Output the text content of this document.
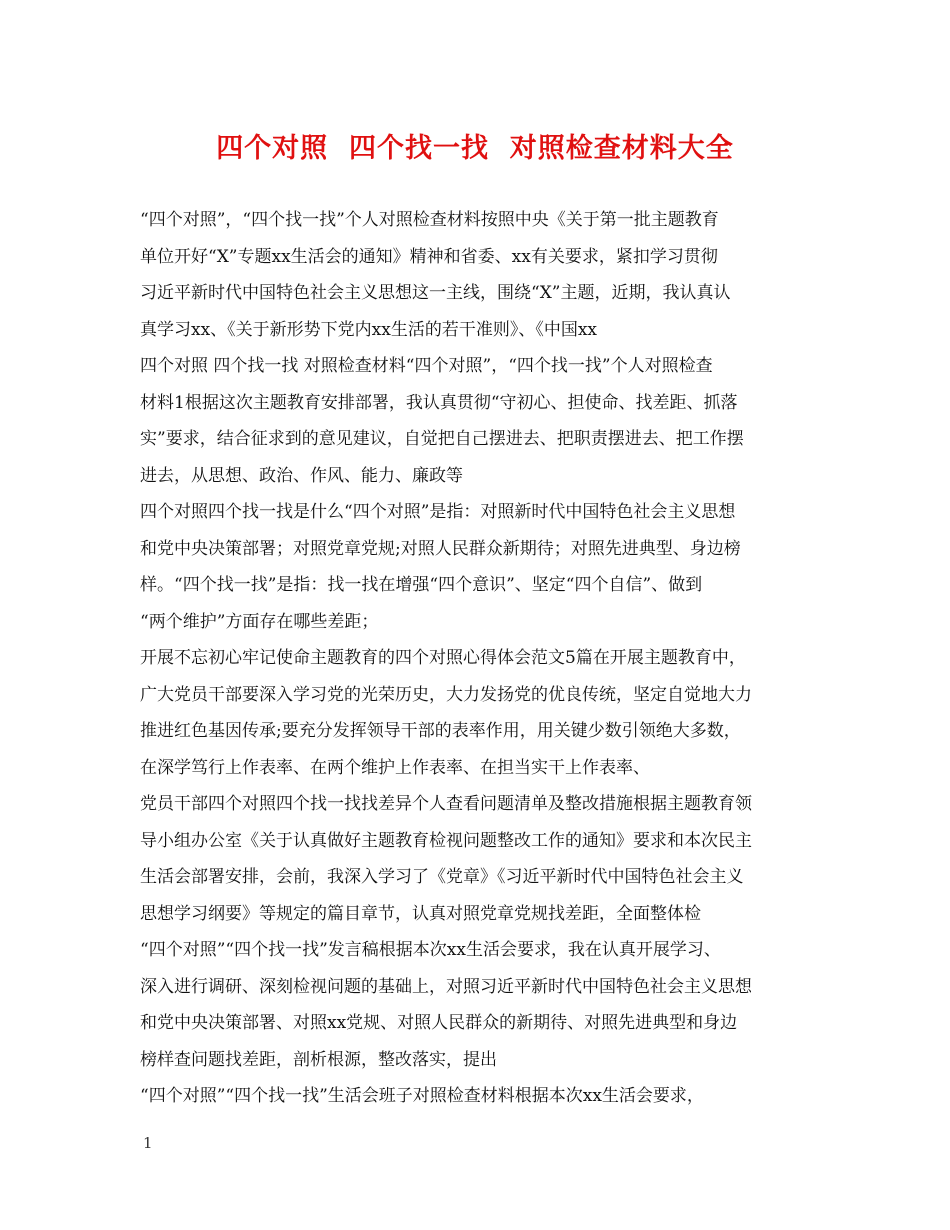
四个对照  四个找一找  对照检查材料大全
“四个对照”，“四个找一找”个人对照检查材料按照中央《关于第一批主题教育
单位开好“X”专题xx生活会的通知》精神和省委、xx有关要求，紧扣学习贯彻
习近平新时代中国特色社会主义思想这一主线，围绕“X”主题，近期，我认真认
真学习xx、《关于新形势下党内xx生活的若干准则》、《中国xx
四个对照 四个找一找 对照检查材料“四个对照”，“四个找一找”个人对照检查
材料1根据这次主题教育安排部署，我认真贯彻“守初心、担使命、找差距、抓落
实”要求，结合征求到的意见建议，自觉把自己摆进去、把职责摆进去、把工作摆
进去，从思想、政治、作风、能力、廉政等
四个对照四个找一找是什么“四个对照”是指：对照新时代中国特色社会主义思想
和党中央决策部署；对照党章党规;对照人民群众新期待；对照先进典型、身边榜
样。“四个找一找”是指：找一找在增强“四个意识”、坚定“四个自信”、做到
“两个维护”方面存在哪些差距；
开展不忘初心牢记使命主题教育的四个对照心得体会范文5篇在开展主题教育中，
广大党员干部要深入学习党的光荣历史，大力发扬党的优良传统，坚定自觉地大力
推进红色基因传承;要充分发挥领导干部的表率作用，用关键少数引领绝大多数，
在深学笃行上作表率、在两个维护上作表率、在担当实干上作表率、
党员干部四个对照四个找一找找差异个人查看问题清单及整改措施根据主题教育领
导小组办公室《关于认真做好主题教育检视问题整改工作的通知》要求和本次民主
生活会部署安排，会前，我深入学习了《党章》《习近平新时代中国特色社会主义
思想学习纲要》等规定的篇目章节，认真对照党章党规找差距，全面整体检
“四个对照”“四个找一找”发言稿根据本次xx生活会要求，我在认真开展学习、
深入进行调研、深刻检视问题的基础上，对照习近平新时代中国特色社会主义思想
和党中央决策部署、对照xx党规、对照人民群众的新期待、对照先进典型和身边
榜样查问题找差距，剖析根源，整改落实，提出
“四个对照”“四个找一找”生活会班子对照检查材料根据本次xx生活会要求，
1
